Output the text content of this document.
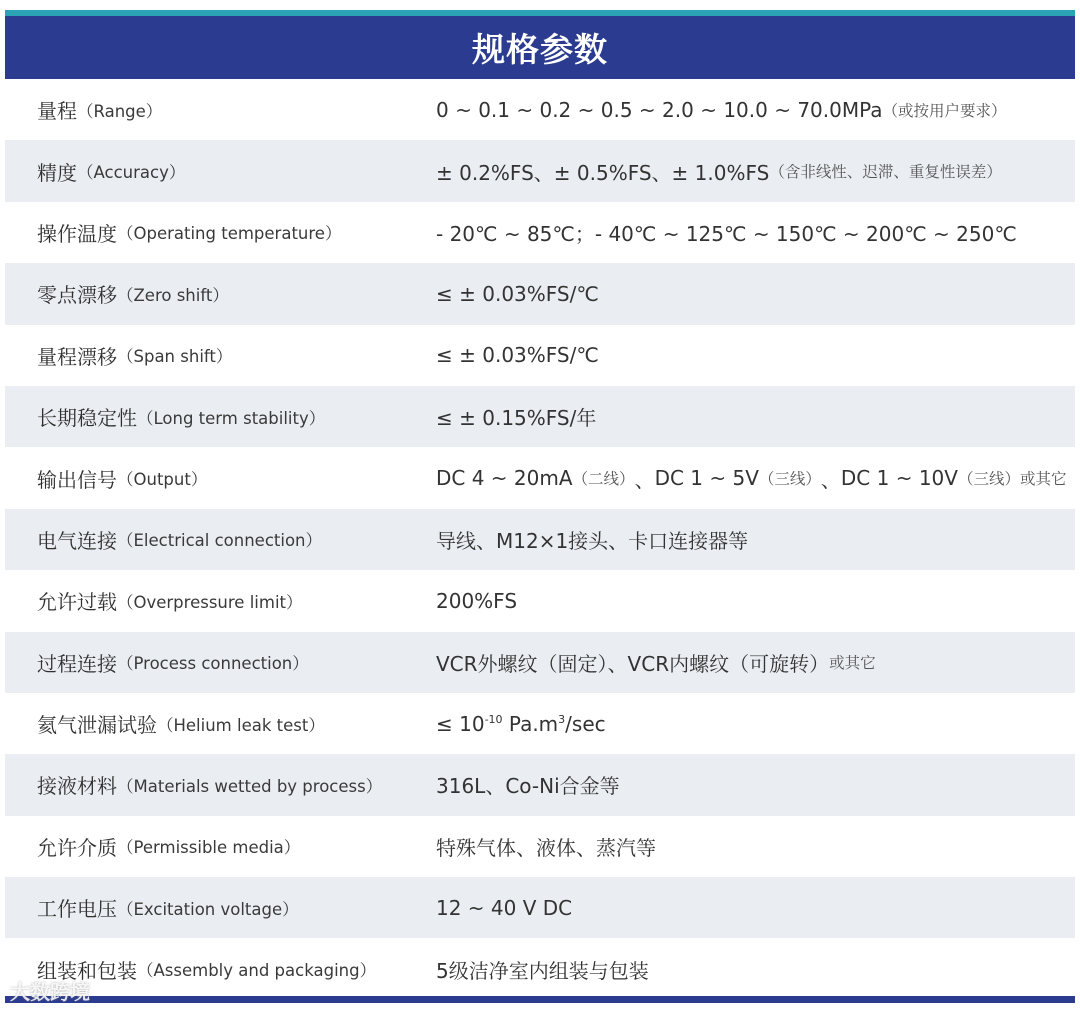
规格参数
量程 （Range）	0 ~ 0.1 ~ 0.2 ~ 0.5 ~ 2.0 ~ 10.0 ~ 70.0MPa （或按用户要求）
精度 （Accuracy）	± 0.2%FS、± 0.5%FS、± 1.0%FS （含非线性、迟滞、重复性误差）
操作温度 （Operating temperature）	- 20℃ ~ 85℃；- 40℃ ~ 125℃ ~ 150℃ ~ 200℃ ~ 250℃
零点漂移 （Zero shift）	≤ ± 0.03%FS/℃
量程漂移 （Span shift）	≤ ± 0.03%FS/℃
长期稳定性 （Long term stability）	≤ ± 0.15%FS/年
输出信号 （Output）	DC 4 ~ 20mA （二线） 、 DC 1 ~ 5V （三线） 、 DC 1 ~ 10V （三线） 或其它
电气连接 （Electrical connection）	导线、M12×1接头、卡口连接器等
允许过载 （Overpressure limit）	200%FS
过程连接 （Process connection）	VCR外螺纹（固定）、VCR内螺纹（可旋转） 或其它
氦气泄漏试验 （Helium leak test）	≤ $10^{-10}$ $Pa.m^3/\sec$
接液材料 （Materials wetted by process）	316L、Co-Ni合金等
允许介质 （Permissible media）	特殊气体、液体、蒸汽等
工作电压 （Excitation voltage）	12 ~ 40 V DC
组装和包装 （Assembly and packaging）	5级洁净室内组装与包装
大数跨境
